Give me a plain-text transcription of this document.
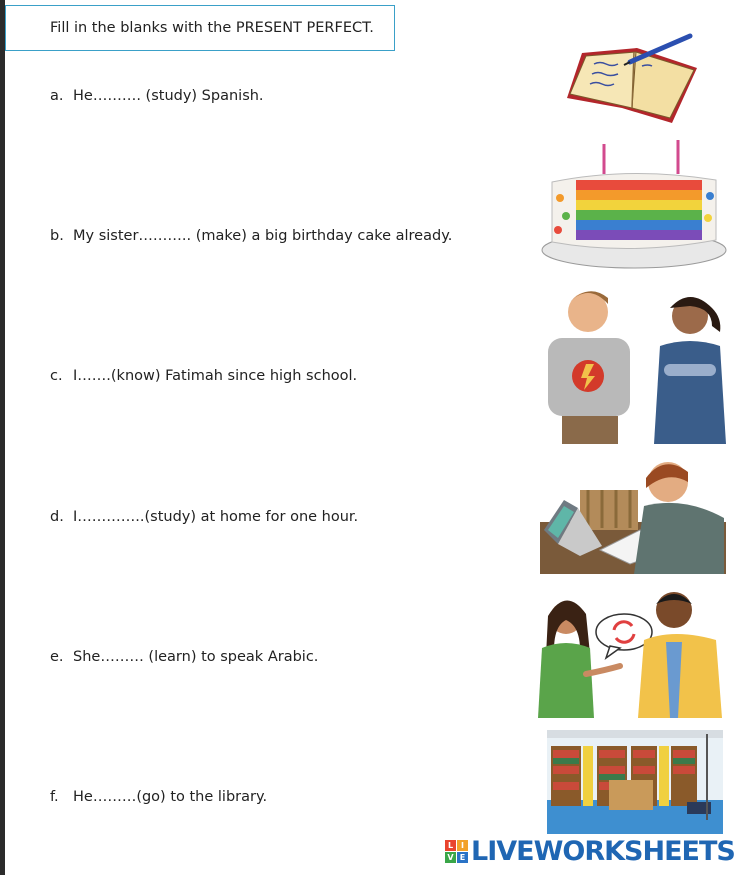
Fill in the blanks with the PRESENT PERFECT.
a. He………. (study) Spanish.
b. My sister……….. (make) a big birthday cake already.
c. I…….(know) Fatimah since high school.
d. I…………..(study) at home for one hour.
e. She……… (learn) to speak Arabic.
f. He………(go) to the library.
L I
V E LIVEWORKSHEETS
